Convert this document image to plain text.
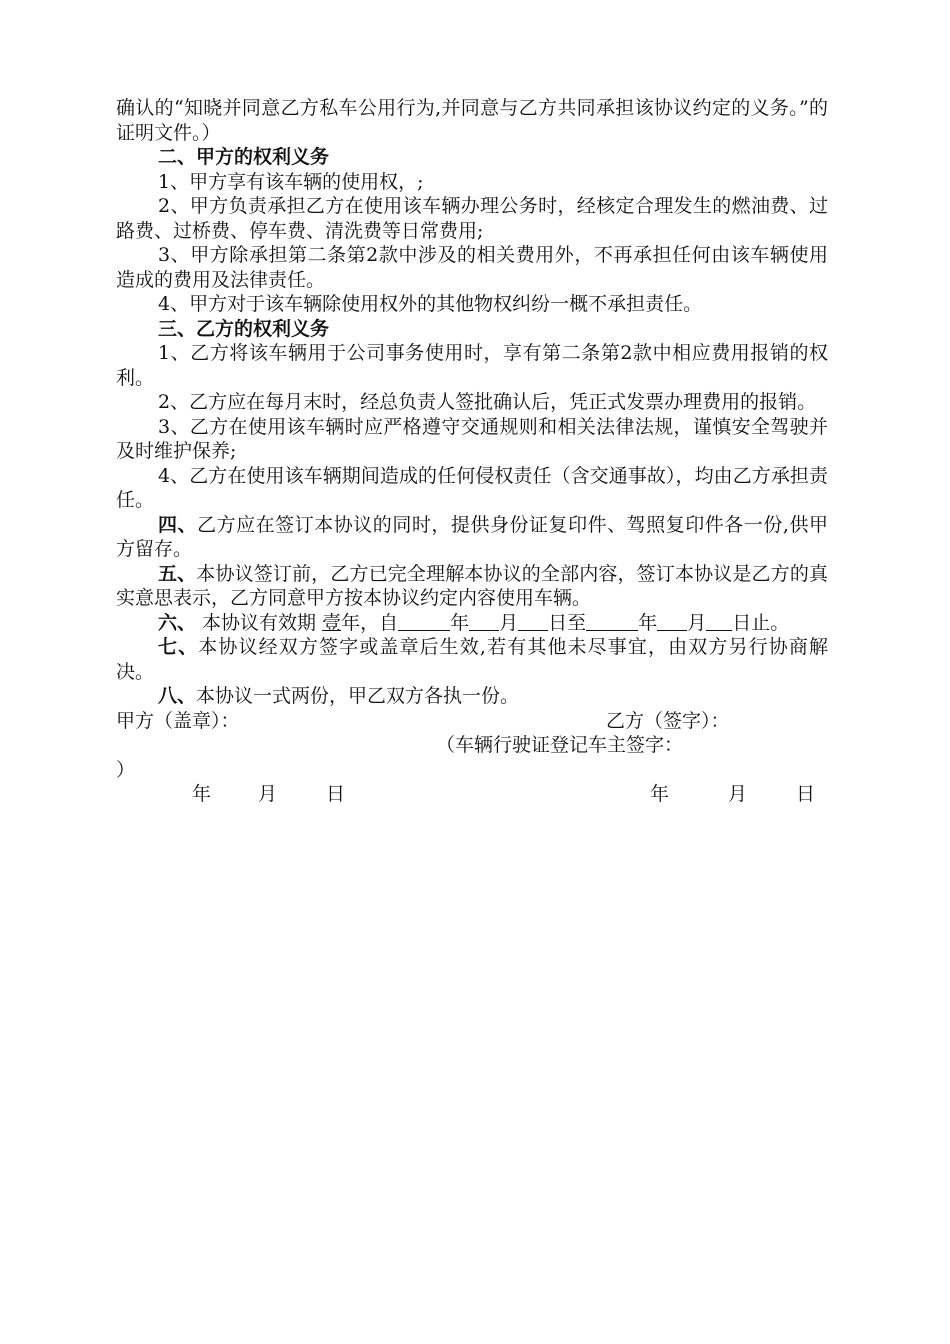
确认的“知晓并同意乙方私车公用行为,并同意与乙方共同承担该协议约定的义务。”的证明文件。）

二、甲方的权利义务

1、甲方享有该车辆的使用权，;

2、甲方负责承担乙方在使用该车辆办理公务时，经核定合理发生的燃油费、过路费、过桥费、停车费、清洗费等日常费用;

3、甲方除承担第二条第2款中涉及的相关费用外，不再承担任何由该车辆使用造成的费用及法律责任。

4、甲方对于该车辆除使用权外的其他物权纠纷一概不承担责任。

三、乙方的权利义务

1、乙方将该车辆用于公司事务使用时，享有第二条第2款中相应费用报销的权利。

2、乙方应在每月末时，经总负责人签批确认后，凭正式发票办理费用的报销。

3、乙方在使用该车辆时应严格遵守交通规则和相关法律法规，谨慎安全驾驶并及时维护保养;

4、乙方在使用该车辆期间造成的任何侵权责任（含交通事故），均由乙方承担责任。

四、乙方应在签订本协议的同时，提供身份证复印件、驾照复印件各一份,供甲方留存。

五、本协议签订前，乙方已完全理解本协议的全部内容，签订本协议是乙方的真实意思表示，乙方同意甲方按本协议约定内容使用车辆。

六、 本协议有效期 壹年，自	年 月 日至	年 月 日止。

七、本协议经双方签字或盖章后生效,若有其他未尽事宜，由双方另行协商解决。

八、本协议一式两份，甲乙双方各执一份。

甲方（盖章）：	乙方（签字）：
（车辆行驶证登记车主签字：
）
年 月	日	年	月	日
